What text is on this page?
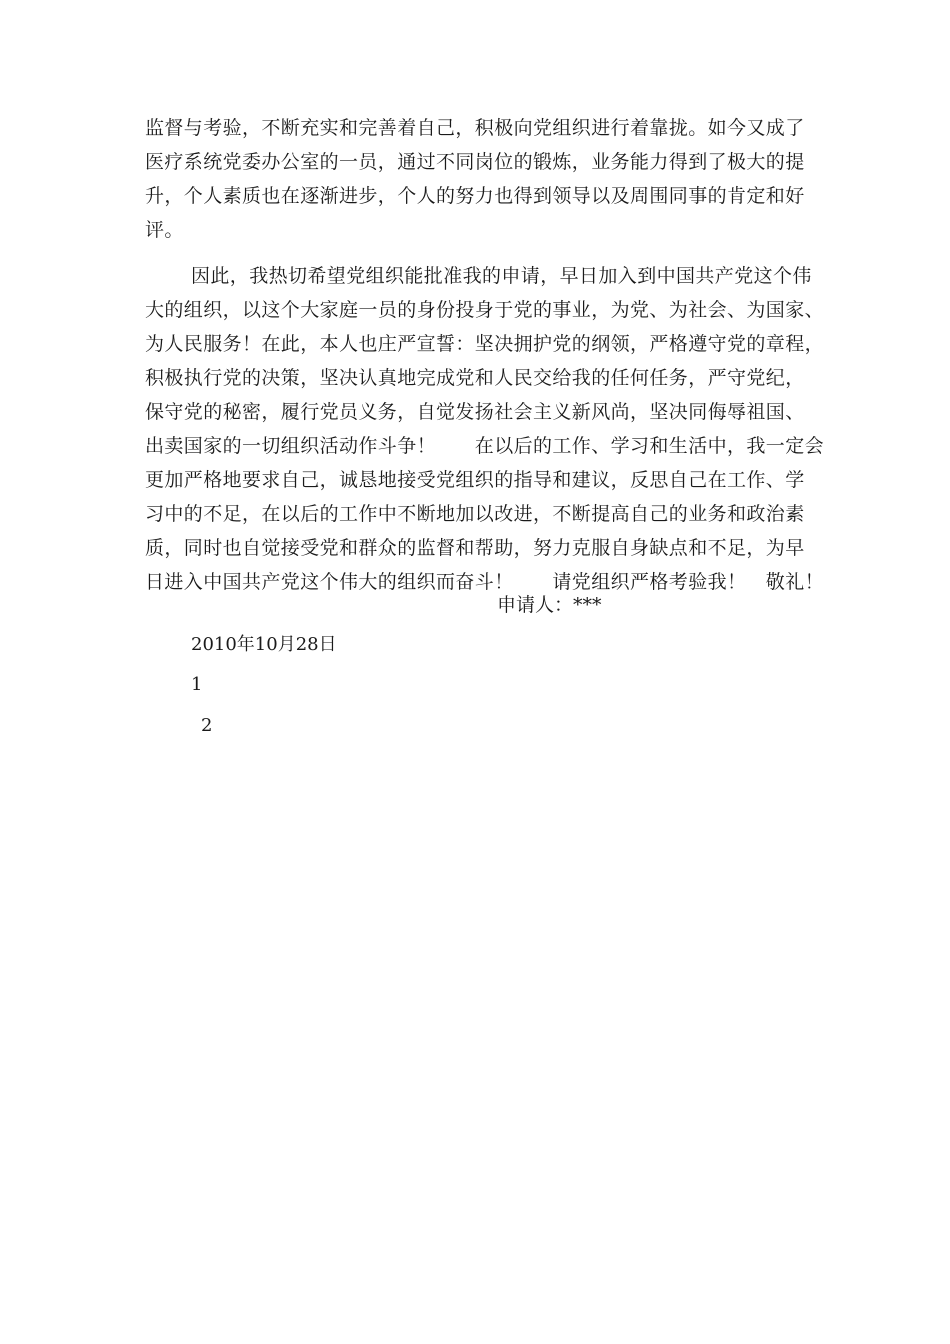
监督与考验，不断充实和完善着自己，积极向党组织进行着靠拢。如今又成了
医疗系统党委办公室的一员，通过不同岗位的锻炼，业务能力得到了极大的提
升，个人素质也在逐渐进步，个人的努力也得到领导以及周围同事的肯定和好
评。
因此，我热切希望党组织能批准我的申请，早日加入到中国共产党这个伟
大的组织，以这个大家庭一员的身份投身于党的事业，为党、为社会、为国家、
为人民服务！在此，本人也庄严宣誓：坚决拥护党的纲领，严格遵守党的章程，
积极执行党的决策，坚决认真地完成党和人民交给我的任何任务，严守党纪，
保守党的秘密，履行党员义务，自觉发扬社会主义新风尚，坚决同侮辱祖国、
出卖国家的一切组织活动作斗争！　　在以后的工作、学习和生活中，我一定会
更加严格地要求自己，诚恳地接受党组织的指导和建议，反思自己在工作、学
习中的不足，在以后的工作中不断地加以改进，不断提高自己的业务和政治素
质，同时也自觉接受党和群众的监督和帮助，努力克服自身缺点和不足，为早
日进入中国共产党这个伟大的组织而奋斗！　　请党组织严格考验我！　敬礼！
申请人：***
2010年10月28日
1
2
